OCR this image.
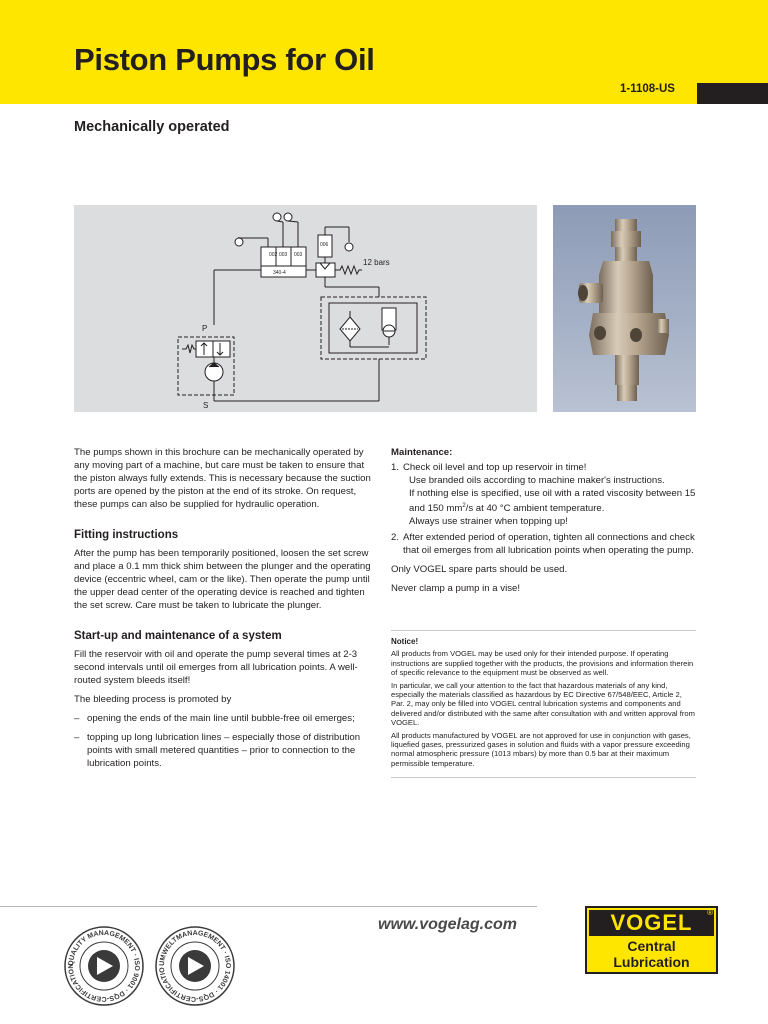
Piston Pumps for Oil
1-1108-US
Mechanically operated
002 003 003
340-4
006
12 bars
P
S

The pumps shown in this brochure can be mechanically operated by any moving part of a machine, but care must be taken to ensure that the piston always fully extends. This is necessary because the suction ports are opened by the piston at the end of its stroke. On request, these pumps can also be supplied for hydraulic operation.

Fitting instructions

After the pump has been temporarily positioned, loosen the set screw and place a 0.1 mm thick shim between the plunger and the operating device (eccentric wheel, cam or the like). Then operate the pump until the upper dead center of the operating device is reached and tighten the set screw. Care must be taken to lubricate the plunger.

Start-up and maintenance of a system

Fill the reservoir with oil and operate the pump several times at 2-3 second intervals until oil emerges from all lubrication points. A well-routed system bleeds itself!

The bleeding process is promoted by

– opening the ends of the main line until bubble-free oil emerges;
– topping up long lubrication lines – especially those of distribution points with small metered quantities – prior to connection to the lubrication points.
Maintenance:
1. Check oil level and top up reservoir in time!
Use branded oils according to machine maker's instructions.
If nothing else is specified, use oil with a rated viscosity between 15 and 150 $mm^2/s$ at 40 °C ambient temperature.
Always use strainer when topping up!
2. After extended period of operation, tighten all connections and check that oil emerges from all lubrication points when operating the pump.

Only VOGEL spare parts should be used.

Never clamp a pump in a vise!

Notice!

All products from VOGEL may be used only for their intended purpose. If operating instructions are supplied together with the products, the provisions and information therein of specific relevance to the equipment must be observed as well.

In particular, we call your attention to the fact that hazardous materials of any kind, especially the materials classified as hazardous by EC Directive 67/548/EEC, Article 2, Par. 2, may only be filled into VOGEL central lubrication systems and components and delivered and/or distributed with the same after consultation with and written approval from VOGEL.

All products manufactured by VOGEL are not approved for use in conjunction with gases, liquefied gases, pressurized gases in solution and fluids with a vapor pressure exceeding normal atmospheric pressure (1013 mbars) by more than 0.5 bar at their maximum permissible temperature.

www.vogelag.com
QUALITY MANAGEMENT · ISO 9001 · DQS-CERTIFICATION	UMWELTMANAGEMENT · ISO 14001 · DQS-CERTIFICATIO
VOGEL	®
Central
Lubrication
